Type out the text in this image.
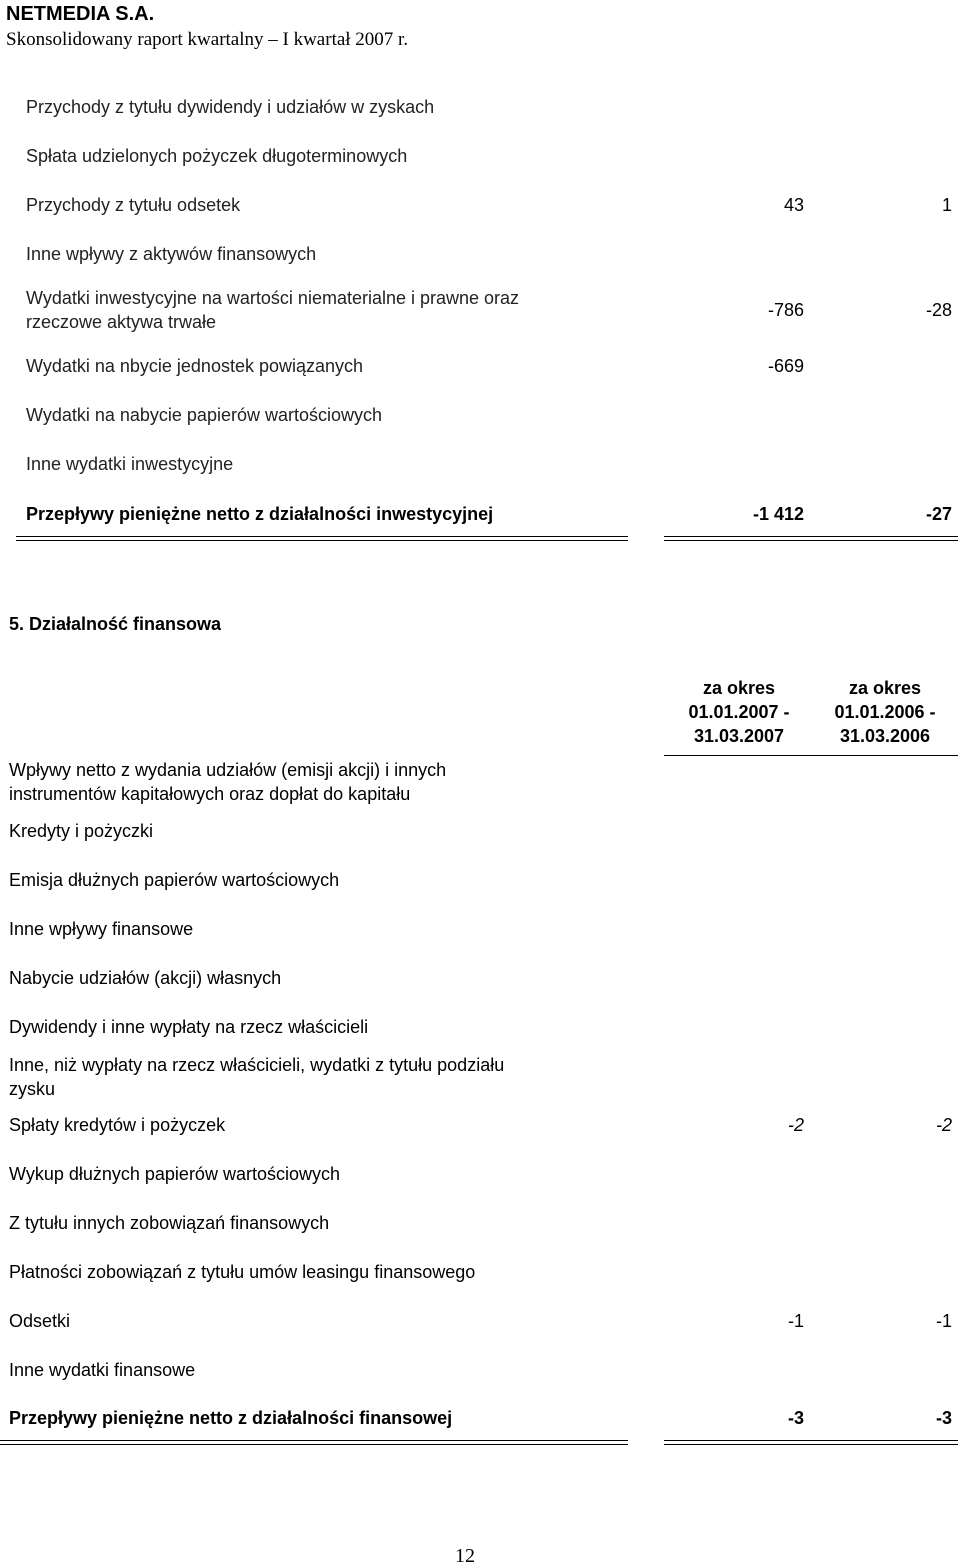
NETMEDIA S.A.
Skonsolidowany raport kwartalny – I kwartał 2007 r.
Przychody z tytułu dywidendy i udziałów w zyskach
Spłata udzielonych pożyczek długoterminowych
Przychody z tytułu odsetek	43	1
Inne wpływy z aktywów finansowych
Wydatki inwestycyjne na wartości niematerialne i prawne oraz
rzeczowe aktywa trwałe
-786	-28
Wydatki na nbycie jednostek powiązanych	-669
Wydatki na nabycie papierów wartościowych
Inne wydatki inwestycyjne
Przepływy pieniężne netto z działalności inwestycyjnej	-1 412	-27
5. Działalność finansowa
za okres
01.01.2007 -
31.03.2007
za okres
01.01.2006 -
31.03.2006
Wpływy netto z wydania udziałów (emisji akcji) i innych
instrumentów kapitałowych oraz dopłat do kapitału
Kredyty i pożyczki
Emisja dłużnych papierów wartościowych
Inne wpływy finansowe
Nabycie udziałów (akcji) własnych
Dywidendy i inne wypłaty na rzecz właścicieli
Inne, niż wypłaty na rzecz właścicieli, wydatki z tytułu podziału
zysku
Spłaty kredytów i pożyczek	-2	-2
Wykup dłużnych papierów wartościowych
Z tytułu innych zobowiązań finansowych
Płatności zobowiązań z tytułu umów leasingu finansowego
Odsetki	-1	-1
Inne wydatki finansowe
Przepływy pieniężne netto z działalności finansowej	-3	-3
12
